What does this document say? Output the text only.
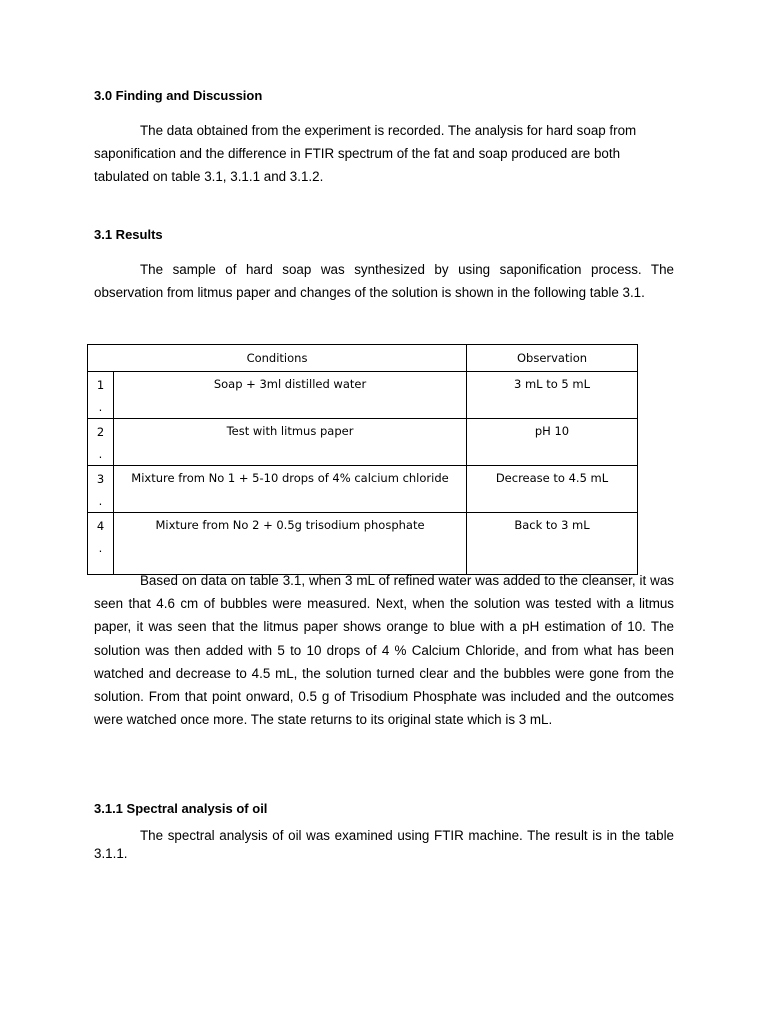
3.0 Finding and Discussion

The data obtained from the experiment is recorded. The analysis for hard soap from saponification and the difference in FTIR spectrum of the fat and soap produced are both tabulated on table 3.1, 3.1.1 and 3.1.2.

3.1 Results

The sample of hard soap was synthesized by using saponification process. The observation from litmus paper and changes of the solution is shown in the following table 3.1.

Conditions		Observation

1
.	Soap + 3ml distilled water	3 mL to 5 mL

2
.	Test with litmus paper	pH 10

3
.	Mixture from No 1 + 5-10 drops of 4% calcium chloride	Decrease to 4.5 mL

4
.	Mixture from No 2 + 0.5g trisodium phosphate	Back to 3 mL

Based on data on table 3.1, when 3 mL of refined water was added to the cleanser, it was seen that 4.6 cm of bubbles were measured. Next, when the solution was tested with a litmus paper, it was seen that the litmus paper shows orange to blue with a pH estimation of 10. The solution was then added with 5 to 10 drops of 4 % Calcium Chloride, and from what has been watched and decrease to 4.5 mL, the solution turned clear and the bubbles were gone from the solution. From that point onward, 0.5 g of Trisodium Phosphate was included and the outcomes were watched once more. The state returns to its original state which is 3 mL.

3.1.1 Spectral analysis of oil

The spectral analysis of oil was examined using FTIR machine. The result is in the table 3.1.1.
